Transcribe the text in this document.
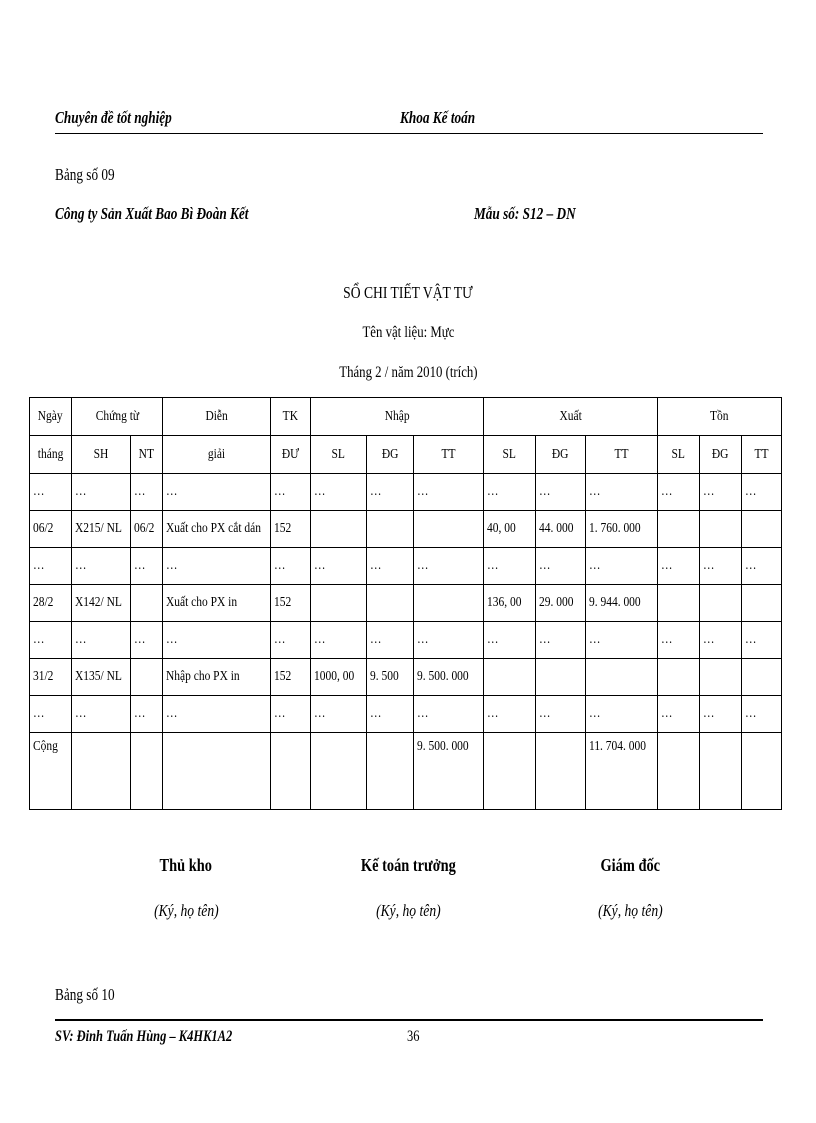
Chuyên đề tốt nghiệp	Khoa Kế toán
Bảng số 09
Công ty Sản Xuất Bao Bì Đoàn Kết	Mẫu số: S12 – DN
SỔ CHI TIẾT VẬT TƯ
Tên vật liệu: Mực
Tháng 2 / năm 2010 (trích)
Ngày	Chứng từ		Diễn	TK	Nhập			Xuất			Tồn		
tháng	SH	NT	giải	ĐƯ	SL	ĐG	TT	SL	ĐG	TT	SL	ĐG	TT
…	…	…	…	…	…	…	…	…	…	…	…	…	…
06/2	X215/ NL	06/2	Xuất cho PX cắt dán	152				40, 00	44. 000	1. 760. 000			
…	…	…	…	…	…	…	…	…	…	…	…	…	…
28/2	X142/ NL		Xuất cho PX in	152				136, 00	29. 000	9. 944. 000			
…	…	…	…	…	…	…	…	…	…	…	…	…	…
31/2	X135/ NL		Nhập cho PX in	152	1000, 00	9. 500	9. 500. 000						
…	…	…	…	…	…	…	…	…	…	…	…	…	…
Cộng							9. 500. 000			11. 704. 000			
Thủ kho	Kế toán trưởng	Giám đốc
(Ký, họ tên)	(Ký, họ tên)	(Ký, họ tên)
Bảng số 10
SV: Đinh Tuấn Hùng – K4HK1A2	36
